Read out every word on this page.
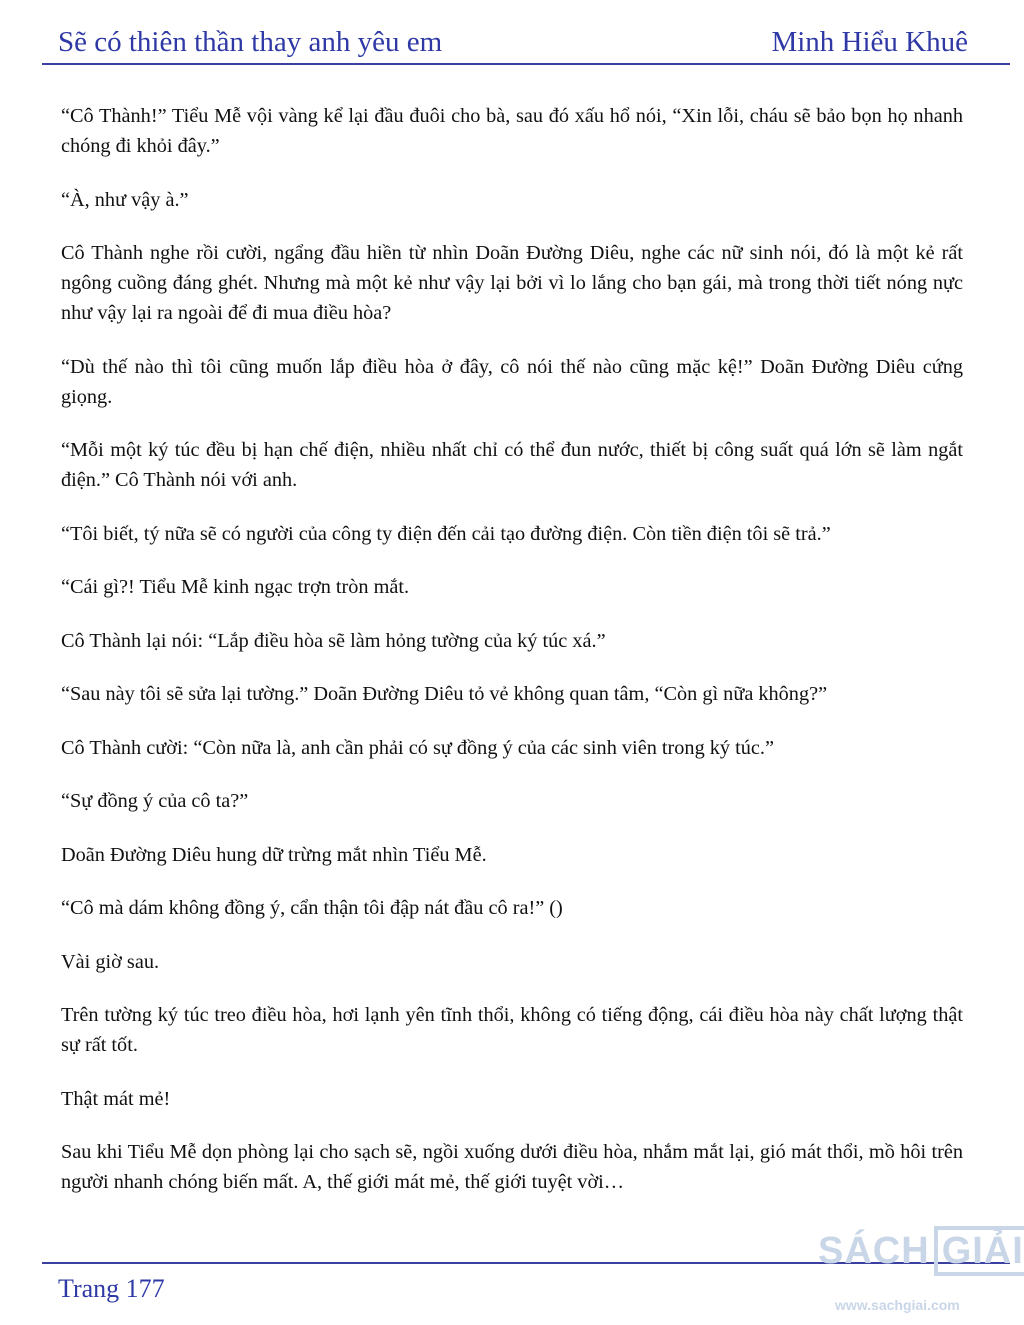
Sẽ có thiên thần thay anh yêu em	Minh Hiểu Khuê

“Cô Thành!” Tiểu Mễ vội vàng kể lại đầu đuôi cho bà, sau đó xấu hổ nói, “Xin lỗi, cháu sẽ bảo bọn họ nhanh chóng đi khỏi đây.”

“À, như vậy à.”

Cô Thành nghe rồi cười, ngẩng đầu hiền từ nhìn Doãn Đường Diêu, nghe các nữ sinh nói, đó là một kẻ rất ngông cuồng đáng ghét. Nhưng mà một kẻ như vậy lại bởi vì lo lắng cho bạn gái, mà trong thời tiết nóng nực như vậy lại ra ngoài để đi mua điều hòa?

“Dù thế nào thì tôi cũng muốn lắp điều hòa ở đây, cô nói thế nào cũng mặc kệ!” Doãn Đường Diêu cứng giọng.

“Mỗi một ký túc đều bị hạn chế điện, nhiều nhất chỉ có thể đun nước, thiết bị công suất quá lớn sẽ làm ngắt điện.” Cô Thành nói với anh.

“Tôi biết, tý nữa sẽ có người của công ty điện đến cải tạo đường điện. Còn tiền điện tôi sẽ trả.”

“Cái gì?! Tiểu Mễ kinh ngạc trợn tròn mắt.

Cô Thành lại nói: “Lắp điều hòa sẽ làm hỏng tường của ký túc xá.”

“Sau này tôi sẽ sửa lại tường.” Doãn Đường Diêu tỏ vẻ không quan tâm, “Còn gì nữa không?”

Cô Thành cười: “Còn nữa là, anh cần phải có sự đồng ý của các sinh viên trong ký túc.”

“Sự đồng ý của cô ta?”

Doãn Đường Diêu hung dữ trừng mắt nhìn Tiểu Mễ.

“Cô mà dám không đồng ý, cẩn thận tôi đập nát đầu cô ra!” ()

Vài giờ sau.

Trên tường ký túc treo điều hòa, hơi lạnh yên tĩnh thổi, không có tiếng động, cái điều hòa này chất lượng thật sự rất tốt.

Thật mát mẻ!

Sau khi Tiểu Mễ dọn phòng lại cho sạch sẽ, ngồi xuống dưới điều hòa, nhắm mắt lại, gió mát thổi, mồ hôi trên người nhanh chóng biến mất. A, thế giới mát mẻ, thế giới tuyệt vời…

Trang 177
SÁCH GIẢI
www.sachgiai.com
